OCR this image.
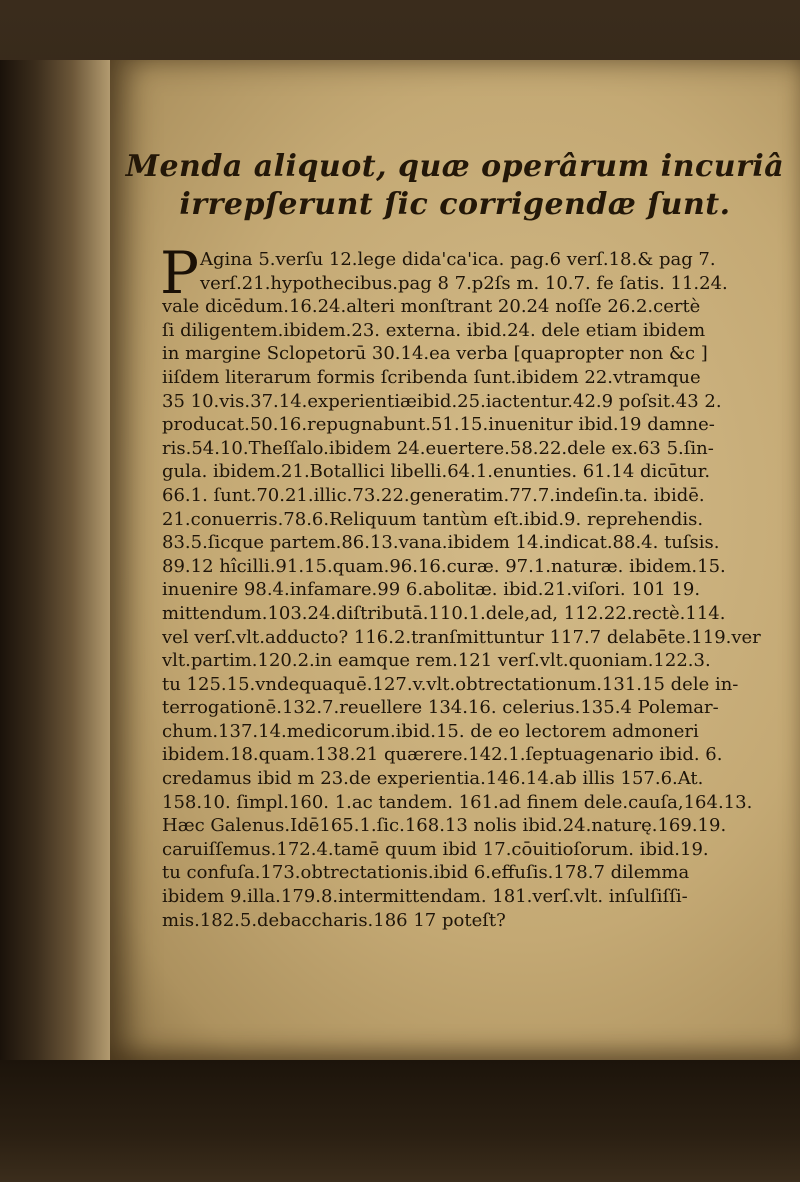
Menda aliquot, quæ operârum incuriâ
irrepſerunt ſic corrigendæ ſunt.
P Agina 5.verſu 12.lege dida'ca'ica. pag.6 verſ.18.& pag 7.
verſ.21.hypothecibus.pag 8 7.p2ſs m. 10.7. fe ſatis. 11.24.
vale dicēdum.16.24.alteri monſtrant 20.24 noſſe 26.2.certè
ſi diligentem.ibidem.23. externa. ibid.24. dele etiam ibidem
in margine Sclopetorū 30.14.ea verba [quapropter non &c ]
iiſdem literarum formis ſcribenda ſunt.ibidem 22.vtramque
35 10.vis.37.14.experientiæibid.25.iactentur.42.9 poſsit.43 2.
producat.50.16.repugnabunt.51.15.inuenitur ibid.19 damne-
ris.54.10.Theſſalo.ibidem 24.euertere.58.22.dele ex.63 5.ſin-
gula. ibidem.21.Botallici libelli.64.1.enunties. 61.14 dicūtur.
66.1. ſunt.70.21.illic.73.22.generatim.77.7.indeſin.ta. ibidē.
21.conuerris.78.6.Reliquum tantùm eſt.ibid.9. reprehendis.
83.5.ſicque partem.86.13.vana.ibidem 14.indicat.88.4. tuſsis.
89.12 hîcilli.91.15.quam.96.16.curæ. 97.1.naturæ. ibidem.15.
inuenire 98.4.infamare.99 6.abolitæ. ibid.21.viſori. 101 19.
mittendum.103.24.diſtributā.110.1.dele,ad, 112.22.rectè.114.
vel verſ.vlt.adducto? 116.2.tranſmittuntur 117.7 delabēte.119.ver
vlt.partim.120.2.in eamque rem.121 verſ.vlt.quoniam.122.3.
tu 125.15.vndequaquē.127.v.vlt.obtrectationum.131.15 dele in-
terrogationē.132.7.reuellere 134.16. celerius.135.4 Polemar-
chum.137.14.medicorum.ibid.15. de eo lectorem admoneri
ibidem.18.quam.138.21 quærere.142.1.ſeptuagenario ibid. 6.
credamus ibid m 23.de experientia.146.14.ab illis 157.6.At.
158.10. ſimpl.160. 1.ac tandem. 161.ad finem dele.cauſa,164.13.
Hæc Galenus.Idē165.1.ſic.168.13 nolis ibid.24.naturę.169.19.
caruiſſemus.172.4.tamē quum ibid 17.cōuitioſorum. ibid.19.
tu confuſa.173.obtrectationis.ibid 6.effuſis.178.7 dilemma
ibidem 9.illa.179.8.intermittendam. 181.verſ.vlt. inſulſiſſi-
mis.182.5.debaccharis.186 17 poteſt?
